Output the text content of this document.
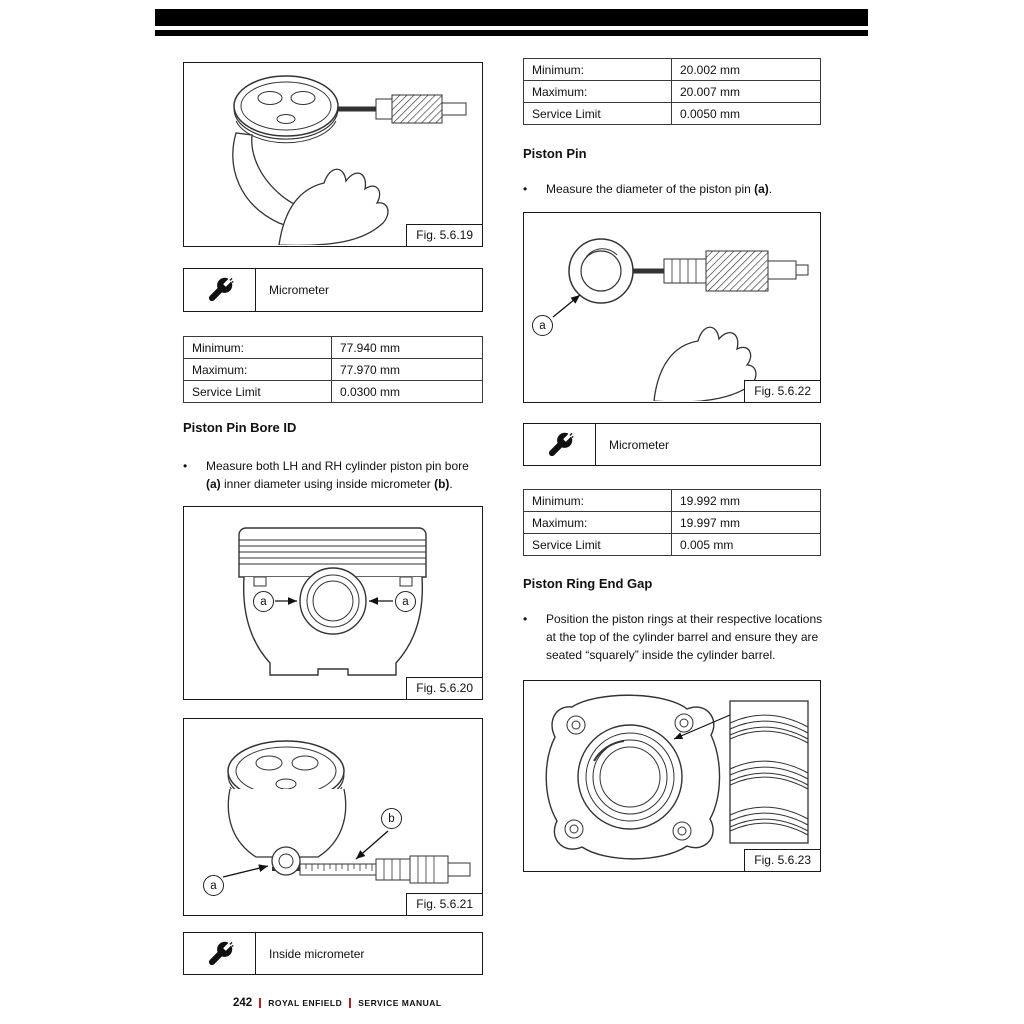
Fig. 5.6.19
Micrometer
Minimum:	77.940 mm
Maximum:	77.970 mm
Service Limit	0.0300 mm
Piston Pin Bore ID
•	Measure both LH and RH cylinder piston pin bore (a) inner diameter using inside micrometer (b).
a	a
Fig. 5.6.20
a
b
Fig. 5.6.21
Inside micrometer
Minimum:	20.002 mm
Maximum:	20.007 mm
Service Limit	0.0050 mm
Piston Pin
•	Measure the diameter of the piston pin (a).
a
Fig. 5.6.22
Micrometer
Minimum:	19.992 mm
Maximum:	19.997 mm
Service Limit	0.005 mm
Piston Ring End Gap
•	Position the piston rings at their respective locations at the top of the cylinder barrel and ensure they are seated “squarely” inside the cylinder barrel.
Fig. 5.6.23
242 ROYAL ENFIELD SERVICE MANUAL
